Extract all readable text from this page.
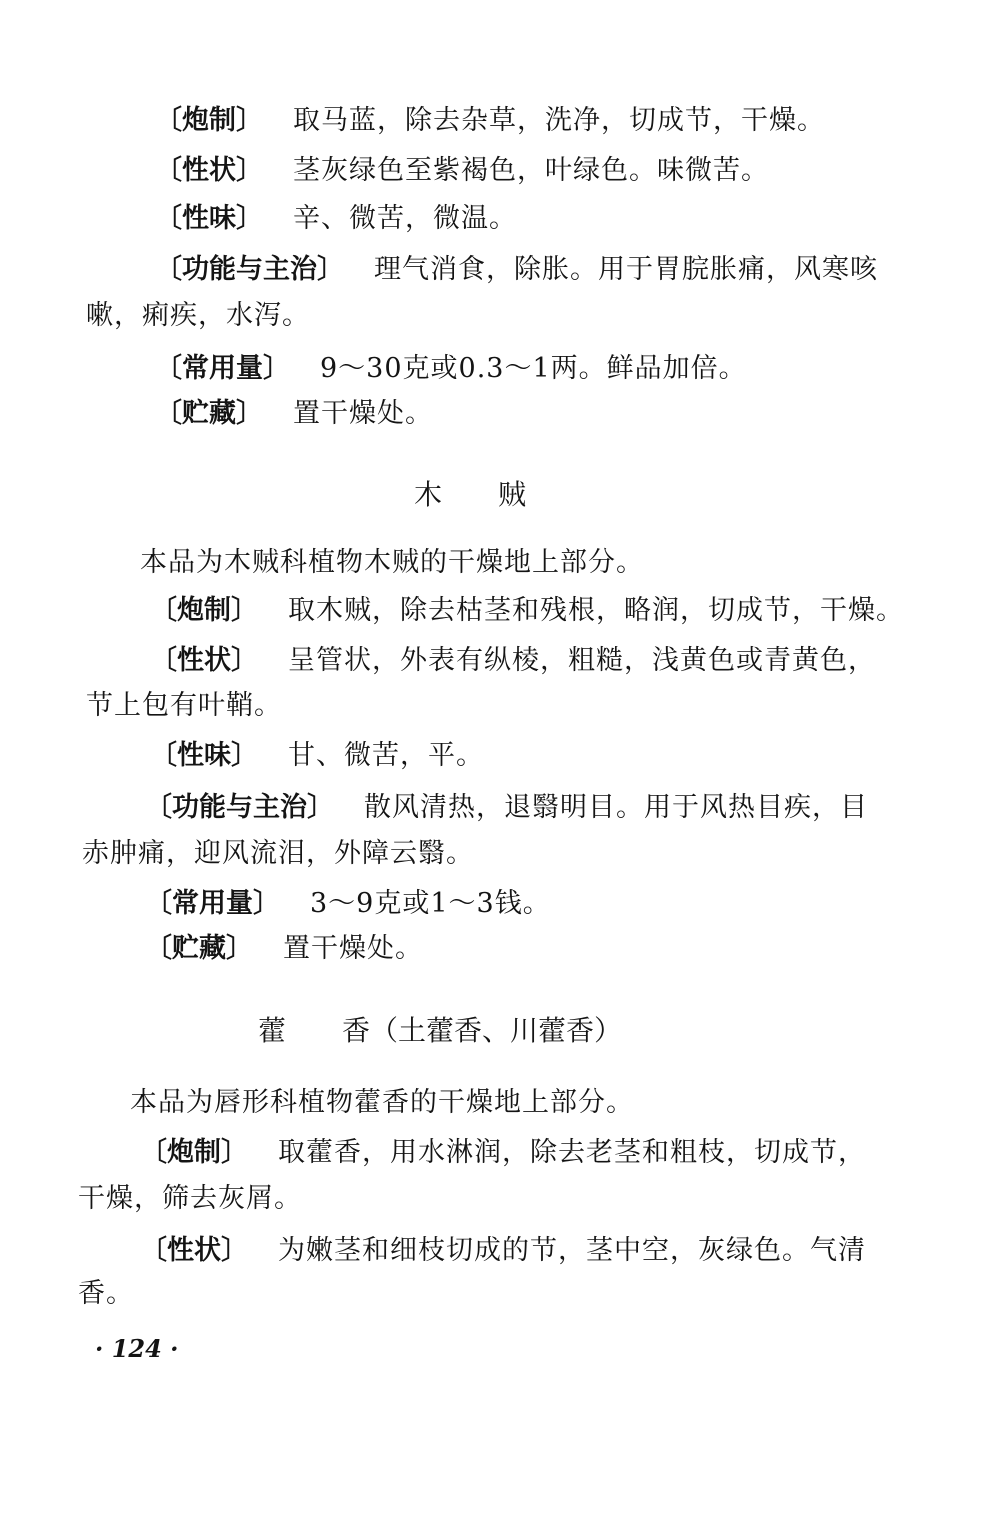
〔炮制〕 取马蓝，除去杂草，洗净，切成节，干燥。
〔性状〕 茎灰绿色至紫褐色，叶绿色。味微苦。
〔性味〕 辛、微苦，微温。
〔功能与主治〕 理气消食，除胀。用于胃脘胀痛，风寒咳
嗽，痢疾，水泻。
〔常用量〕 9～30克或0.3～1两。鲜品加倍。
〔贮藏〕 置干燥处。
木　　贼
本品为木贼科植物木贼的干燥地上部分。
〔炮制〕 取木贼，除去枯茎和残根，略润，切成节，干燥。
〔性状〕 呈管状，外表有纵棱，粗糙，浅黄色或青黄色，
节上包有叶鞘。
〔性味〕 甘、微苦，平。
〔功能与主治〕 散风清热，退翳明目。用于风热目疾，目
赤肿痛，迎风流泪，外障云翳。
〔常用量〕 3～9克或1～3钱。
〔贮藏〕 置干燥处。
藿　　香（土藿香、川藿香）
本品为唇形科植物藿香的干燥地上部分。
〔炮制〕 取藿香，用水淋润，除去老茎和粗枝，切成节，
干燥，筛去灰屑。
〔性状〕 为嫩茎和细枝切成的节，茎中空，灰绿色。气清
香。
· 124 ·
